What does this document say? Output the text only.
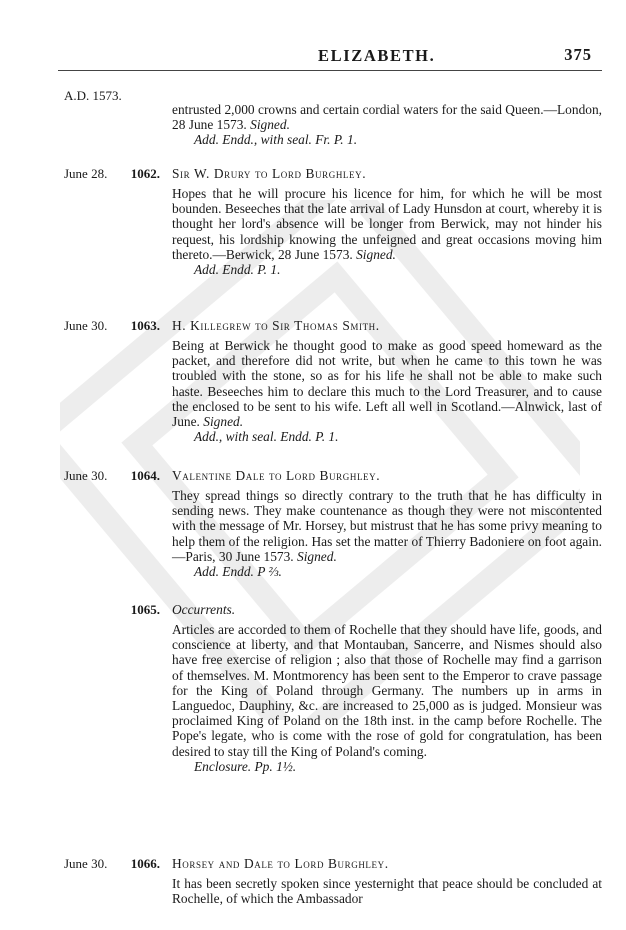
ELIZABETH.	375
A.D. 1573.
entrusted 2,000 crowns and certain cordial waters for the said Queen.—London, 28 June 1573. Signed.
Add. Endd., with seal. Fr. P. 1.
June 28.	1062. Sir W. Drury to Lord Burghley.
Hopes that he will procure his licence for him, for which he will be most bounden. Beseeches that the late arrival of Lady Hunsdon at court, whereby it is thought her lord's absence will be longer from Berwick, may not hinder his request, his lordship knowing the unfeigned and great occasions moving him thereto.—Berwick, 28 June 1573. Signed.
Add. Endd. P. 1.
June 30.	1063. H. Killegrew to Sir Thomas Smith.
Being at Berwick he thought good to make as good speed homeward as the packet, and therefore did not write, but when he came to this town he was troubled with the stone, so as for his life he shall not be able to make such haste. Beseeches him to declare this much to the Lord Treasurer, and to cause the enclosed to be sent to his wife. Left all well in Scotland.—Alnwick, last of June. Signed.
Add., with seal. Endd. P. 1.
June 30.	1064. Valentine Dale to Lord Burghley.
They spread things so directly contrary to the truth that he has difficulty in sending news. They make countenance as though they were not miscontented with the message of Mr. Horsey, but mistrust that he has some privy meaning to help them of the religion. Has set the matter of Thierry Badoniere on foot again.—Paris, 30 June 1573. Signed.
Add. Endd. P ⅔.
1065. Occurrents.
Articles are accorded to them of Rochelle that they should have life, goods, and conscience at liberty, and that Montauban, Sancerre, and Nismes should also have free exercise of religion ; also that those of Rochelle may find a garrison of themselves. M. Montmorency has been sent to the Emperor to crave passage for the King of Poland through Germany. The numbers up in arms in Languedoc, Dauphiny, &c. are increased to 25,000 as is judged. Monsieur was proclaimed King of Poland on the 18th inst. in the camp before Rochelle. The Pope's legate, who is come with the rose of gold for congratulation, has been desired to stay till the King of Poland's coming.
Enclosure. Pp. 1½.
June 30.	1066. Horsey and Dale to Lord Burghley.
It has been secretly spoken since yesternight that peace should be concluded at Rochelle, of which the Ambassador
